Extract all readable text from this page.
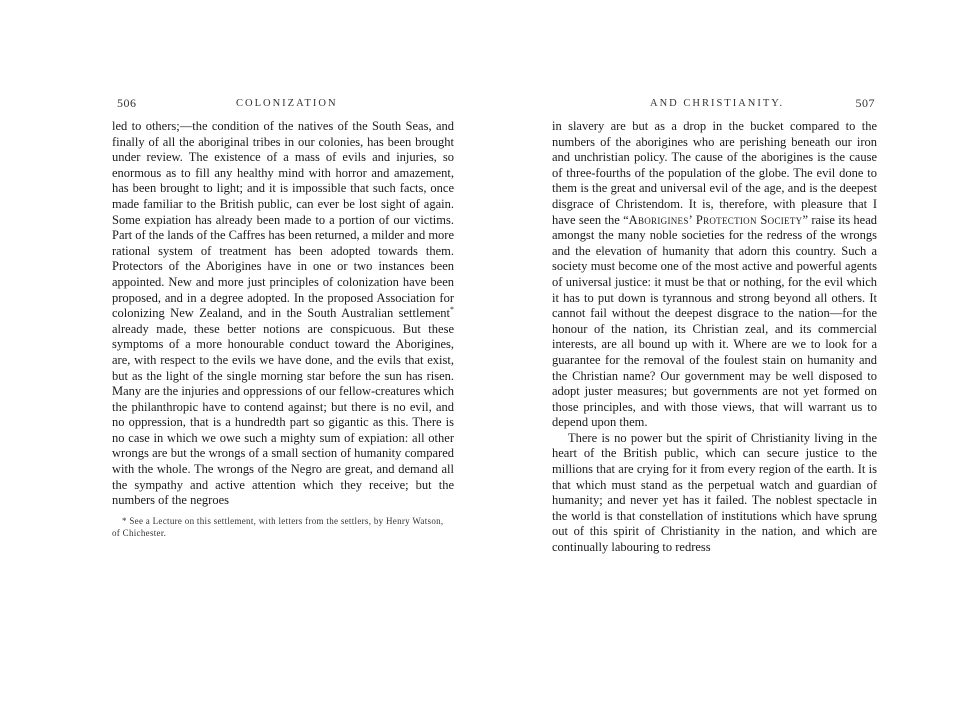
506	COLONIZATION

led to others;—the condition of the natives of the South Seas, and finally of all the aboriginal tribes in our colonies, has been brought under review. The existence of a mass of evils and injuries, so enormous as to fill any healthy mind with horror and amazement, has been brought to light; and it is impossible that such facts, once made familiar to the British public, can ever be lost sight of again. Some expiation has already been made to a portion of our victims. Part of the lands of the Caffres has been returned, a milder and more rational system of treatment has been adopted towards them. Protectors of the Aborigines have in one or two instances been appointed. New and more just principles of colonization have been proposed, and in a degree adopted. In the proposed Association for colonizing New Zealand, and in the South Australian settlement* already made, these better notions are conspicuous. But these symptoms of a more honourable conduct toward the Aborigines, are, with respect to the evils we have done, and the evils that exist, but as the light of the single morning star before the sun has risen. Many are the injuries and oppressions of our fellow-creatures which the philanthropic have to contend against; but there is no evil, and no oppression, that is a hundredth part so gigantic as this. There is no case in which we owe such a mighty sum of expiation: all other wrongs are but the wrongs of a small section of humanity compared with the whole. The wrongs of the Negro are great, and demand all the sympathy and active attention which they receive; but the numbers of the negroes

* See a Lecture on this settlement, with letters from the settlers, by Henry Watson, of Chichester.
AND CHRISTIANITY.	507

in slavery are but as a drop in the bucket compared to the numbers of the aborigines who are perishing beneath our iron and unchristian policy. The cause of the aborigines is the cause of three-fourths of the population of the globe. The evil done to them is the great and universal evil of the age, and is the deepest disgrace of Christendom. It is, therefore, with pleasure that I have seen the “Aborigines’ Protection Society” raise its head amongst the many noble societies for the redress of the wrongs and the elevation of humanity that adorn this country. Such a society must become one of the most active and powerful agents of universal justice: it must be that or nothing, for the evil which it has to put down is tyrannous and strong beyond all others. It cannot fail without the deepest disgrace to the nation—for the honour of the nation, its Christian zeal, and its commercial interests, are all bound up with it. Where are we to look for a guarantee for the removal of the foulest stain on humanity and the Christian name? Our government may be well disposed to adopt juster measures; but governments are not yet formed on those principles, and with those views, that will warrant us to depend upon them.

There is no power but the spirit of Christianity living in the heart of the British public, which can secure justice to the millions that are crying for it from every region of the earth. It is that which must stand as the perpetual watch and guardian of humanity; and never yet has it failed. The noblest spectacle in the world is that constellation of institutions which have sprung out of this spirit of Christianity in the nation, and which are continually labouring to redress
